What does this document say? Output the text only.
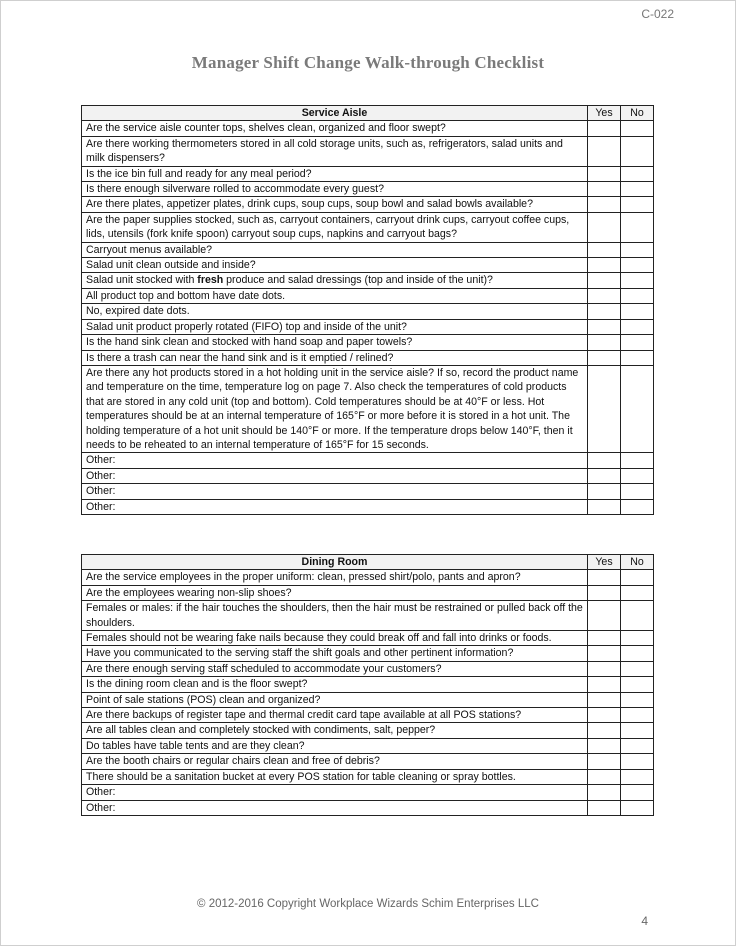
C-022
Manager Shift Change Walk-through Checklist
Service Aisle	Yes	No
Are the service aisle counter tops, shelves clean, organized and floor swept?		
Are there working thermometers stored in all cold storage units, such as, refrigerators, salad units and milk dispensers?		
Is the ice bin full and ready for any meal period?		
Is there enough silverware rolled to accommodate every guest?		
Are there plates, appetizer plates, drink cups, soup cups, soup bowl and salad bowls available?		
Are the paper supplies stocked, such as, carryout containers, carryout drink cups, carryout coffee cups, lids, utensils (fork knife spoon) carryout soup cups, napkins and carryout bags?		
Carryout menus available?		
Salad unit clean outside and inside?		
Salad unit stocked with fresh produce and salad dressings (top and inside of the unit)?		
All product top and bottom have date dots.		
No, expired date dots.		
Salad unit product properly rotated (FIFO) top and inside of the unit?		
Is the hand sink clean and stocked with hand soap and paper towels?		
Is there a trash can near the hand sink and is it emptied / relined?		
Are there any hot products stored in a hot holding unit in the service aisle? If so, record the product name and temperature on the time, temperature log on page 7. Also check the temperatures of cold products that are stored in any cold unit (top and bottom). Cold temperatures should be at 40°F or less. Hot temperatures should be at an internal temperature of 165°F or more before it is stored in a hot unit. The holding temperature of a hot unit should be 140°F or more. If the temperature drops below 140°F, then it needs to be reheated to an internal temperature of 165°F for 15 seconds.		
Other:		
Other:		
Other:		
Other:		
Dining Room	Yes	No
Are the service employees in the proper uniform: clean, pressed shirt/polo, pants and apron?		
Are the employees wearing non-slip shoes?		
Females or males: if the hair touches the shoulders, then the hair must be restrained or pulled back off the shoulders.		
Females should not be wearing fake nails because they could break off and fall into drinks or foods.		
Have you communicated to the serving staff the shift goals and other pertinent information?		
Are there enough serving staff scheduled to accommodate your customers?		
Is the dining room clean and is the floor swept?		
Point of sale stations (POS) clean and organized?		
Are there backups of register tape and thermal credit card tape available at all POS stations?		
Are all tables clean and completely stocked with condiments, salt, pepper?		
Do tables have table tents and are they clean?		
Are the booth chairs or regular chairs clean and free of debris?		
There should be a sanitation bucket at every POS station for table cleaning or spray bottles.		
Other:		
Other:		
© 2012-2016 Copyright Workplace Wizards Schim Enterprises LLC
4
